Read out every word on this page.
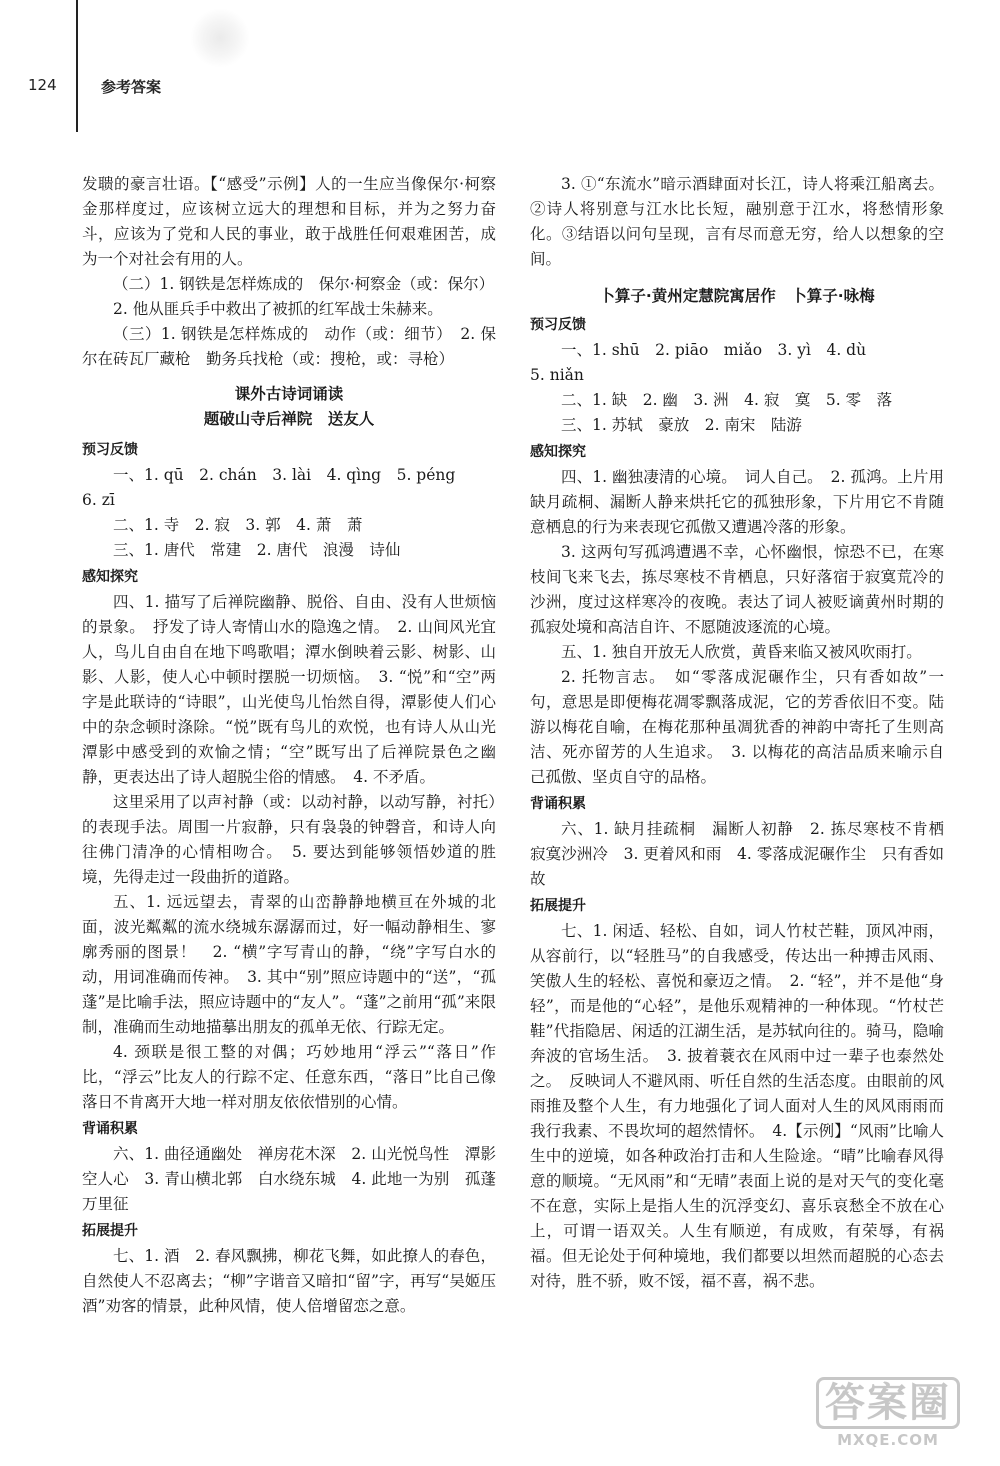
124	参考答案

发聩的豪言壮语。【“感受”示例】人的一生应当像保尔·柯察金那样度过，应该树立远大的理想和目标，并为之努力奋斗，应该为了党和人民的事业，敢于战胜任何艰难困苦，成为一个对社会有用的人。

（二）1. 钢铁是怎样炼成的　保尔·柯察金（或：保尔）

2. 他从匪兵手中救出了被抓的红军战士朱赫来。

（三）1. 钢铁是怎样炼成的　动作（或：细节）　2. 保尔在砖瓦厂藏枪　勤务兵找枪（或：搜枪，或：寻枪）

课外古诗词诵读
题破山寺后禅院　送友人
预习反馈

一、1. qū　2. chán　3. lài　4. qìng　5. péng

6. zī

二、1. 寺　2. 寂　3. 郭　4. 萧　萧

三、1. 唐代　常建　2. 唐代　浪漫　诗仙

感知探究

四、1. 描写了后禅院幽静、脱俗、自由、没有人世烦恼的景象。　抒发了诗人寄情山水的隐逸之情。　2. 山间风光宜人，鸟儿自由自在地下鸣歌唱；潭水倒映着云影、树影、山影、人影，使人心中顿时摆脱一切烦恼。　3. “悦”和“空”两字是此联诗的“诗眼”，山光使鸟儿怡然自得，潭影使人们心中的杂念顿时涤除。“悦”既有鸟儿的欢悦，也有诗人从山光潭影中感受到的欢愉之情；“空”既写出了后禅院景色之幽静，更表达出了诗人超脱尘俗的情感。　4. 不矛盾。

这里采用了以声衬静（或：以动衬静，以动写静，衬托）的表现手法。周围一片寂静，只有袅袅的钟磬音，和诗人向往佛门清净的心情相吻合。　5. 要达到能够领悟妙道的胜境，先得走过一段曲折的道路。

五、1. 远远望去，青翠的山峦静静地横亘在外城的北面，波光粼粼的流水绕城东潺潺而过，好一幅动静相生、寥廓秀丽的图景！　2. “横”字写青山的静，“绕”字写白水的动，用词准确而传神。　3. 其中“别”照应诗题中的“送”，“孤蓬”是比喻手法，照应诗题中的“友人”。“蓬”之前用“孤”来限制，准确而生动地描摹出朋友的孤单无依、行踪无定。

4. 颈联是很工整的对偶；巧妙地用“浮云”“落日”作比，“浮云”比友人的行踪不定、任意东西，“落日”比自己像落日不肯离开大地一样对朋友依依惜别的心情。

背诵积累

六、1. 曲径通幽处　禅房花木深　2. 山光悦鸟性　潭影空人心　3. 青山横北郭　白水绕东城　4. 此地一为别　孤蓬万里征

拓展提升

七、1. 酒　2. 春风飘拂，柳花飞舞，如此撩人的春色，自然使人不忍离去；“柳”字谐音又暗扣“留”字，再写“吴姬压酒”劝客的情景，此种风情，使人倍增留恋之意。

3. ①“东流水”暗示酒肆面对长江，诗人将乘江船离去。②诗人将别意与江水比长短，融别意于江水，将愁情形象化。③结语以问句呈现，言有尽而意无穷，给人以想象的空间。

卜算子·黄州定慧院寓居作　卜算子·咏梅
预习反馈

一、1. shū　2. piāo　miǎo　3. yì　4. dù

5. niǎn

二、1. 缺　2. 幽　3. 洲　4. 寂　寞　5. 零　落

三、1. 苏轼　豪放　2. 南宋　陆游

感知探究

四、1. 幽独凄清的心境。　词人自己。　2. 孤鸿。上片用缺月疏桐、漏断人静来烘托它的孤独形象，下片用它不肯随意栖息的行为来表现它孤傲又遭遇冷落的形象。

3. 这两句写孤鸿遭遇不幸，心怀幽恨，惊恐不已，在寒枝间飞来飞去，拣尽寒枝不肯栖息，只好落宿于寂寞荒冷的沙洲，度过这样寒冷的夜晚。表达了词人被贬谪黄州时期的孤寂处境和高洁自许、不愿随波逐流的心境。

五、1. 独自开放无人欣赏，黄昏来临又被风吹雨打。

2. 托物言志。　如“零落成泥碾作尘，只有香如故”一句，意思是即便梅花凋零飘落成泥，它的芳香依旧不变。陆游以梅花自喻，在梅花那种虽凋犹香的神韵中寄托了生则高洁、死亦留芳的人生追求。　3. 以梅花的高洁品质来喻示自己孤傲、坚贞自守的品格。

背诵积累

六、1. 缺月挂疏桐　漏断人初静　2. 拣尽寒枝不肯栖　寂寞沙洲冷　3. 更着风和雨　4. 零落成泥碾作尘　只有香如故

拓展提升

七、1. 闲适、轻松、自如，词人竹杖芒鞋，顶风冲雨，从容前行，以“轻胜马”的自我感受，传达出一种搏击风雨、笑傲人生的轻松、喜悦和豪迈之情。　2. “轻”，并不是他“身轻”，而是他的“心轻”，是他乐观精神的一种体现。“竹杖芒鞋”代指隐居、闲适的江湖生活，是苏轼向往的。骑马，隐喻奔波的官场生活。　3. 披着蓑衣在风雨中过一辈子也泰然处之。　反映词人不避风雨、听任自然的生活态度。由眼前的风雨推及整个人生，有力地强化了词人面对人生的风风雨雨而我行我素、不畏坎坷的超然情怀。　4.【示例】“风雨”比喻人生中的逆境，如各种政治打击和人生险途。“晴”比喻春风得意的顺境。“无风雨”和“无晴”表面上说的是对天气的变化毫不在意，实际上是指人生的沉浮变幻、喜乐哀愁全不放在心上，可谓一语双关。人生有顺逆，有成败，有荣辱，有祸福。但无论处于何种境地，我们都要以坦然而超脱的心态去对待，胜不骄，败不馁，福不喜，祸不悲。

答案圈
MXQE.COM
